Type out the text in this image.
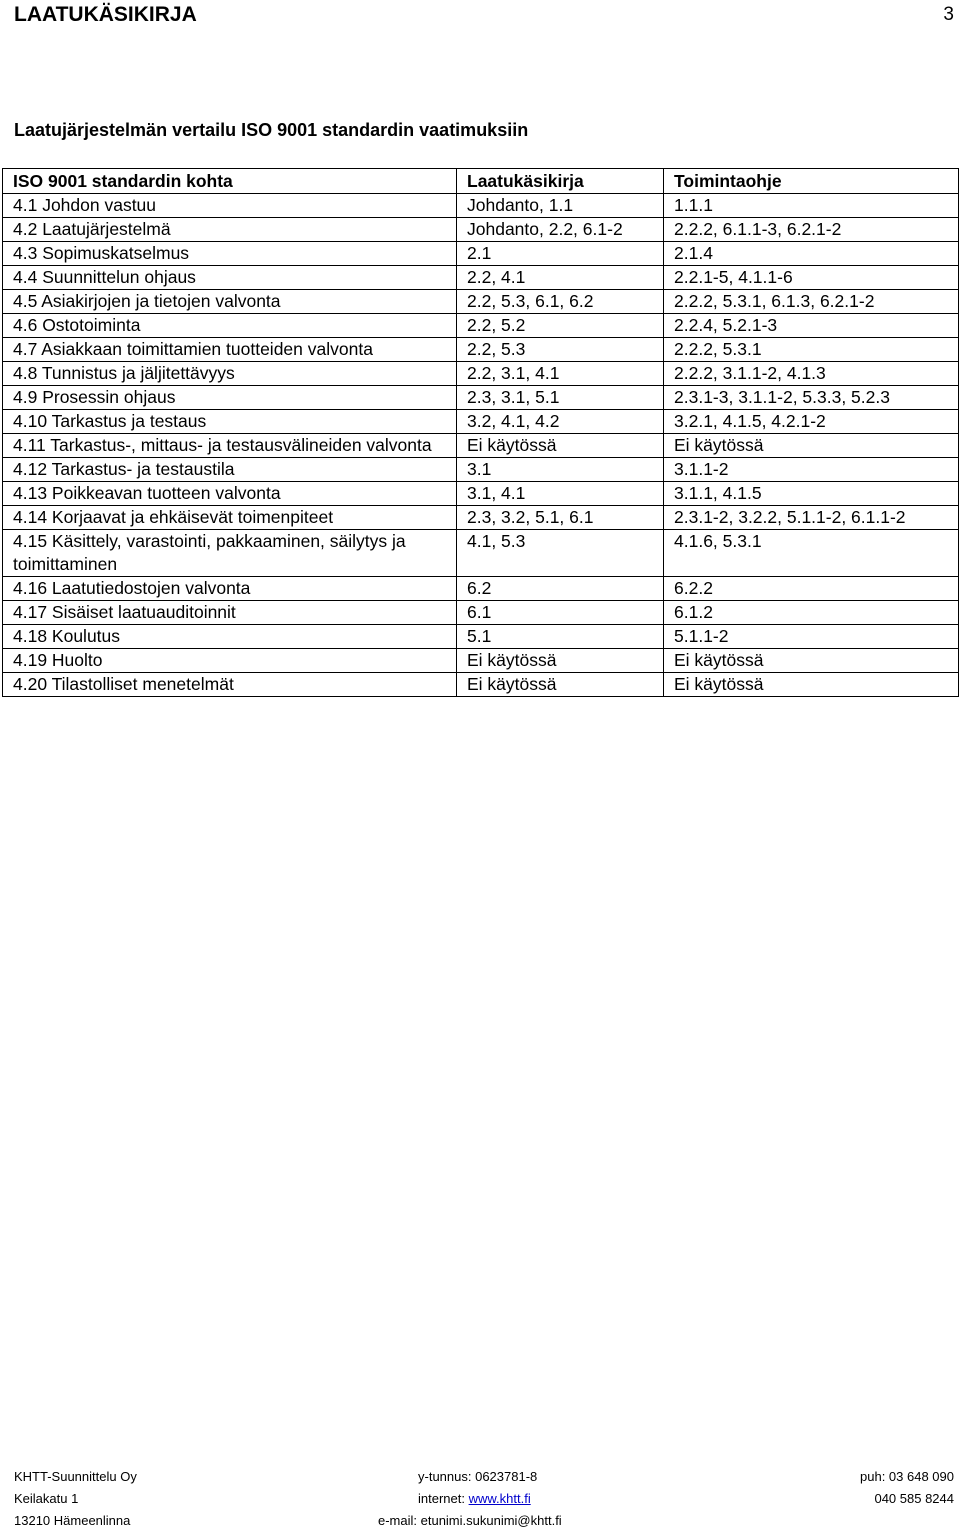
LAATUKÄSIKIRJA	3
Laatujärjestelmän vertailu ISO 9001 standardin vaatimuksiin
ISO 9001 standardin kohta	Laatukäsikirja	Toimintaohje
4.1 Johdon vastuu	Johdanto, 1.1	1.1.1
4.2 Laatujärjestelmä	Johdanto, 2.2, 6.1-2	2.2.2, 6.1.1-3, 6.2.1-2
4.3 Sopimuskatselmus	2.1	2.1.4
4.4 Suunnittelun ohjaus	2.2, 4.1	2.2.1-5, 4.1.1-6
4.5 Asiakirjojen ja tietojen valvonta	2.2, 5.3, 6.1, 6.2	2.2.2, 5.3.1, 6.1.3, 6.2.1-2
4.6 Ostotoiminta	2.2, 5.2	2.2.4, 5.2.1-3
4.7 Asiakkaan toimittamien tuotteiden valvonta	2.2, 5.3	2.2.2, 5.3.1
4.8 Tunnistus ja jäljitettävyys	2.2, 3.1, 4.1	2.2.2, 3.1.1-2, 4.1.3
4.9 Prosessin ohjaus	2.3, 3.1, 5.1	2.3.1-3, 3.1.1-2, 5.3.3, 5.2.3
4.10 Tarkastus ja testaus	3.2, 4.1, 4.2	3.2.1, 4.1.5, 4.2.1-2
4.11 Tarkastus-, mittaus- ja testausvälineiden valvonta	Ei käytössä	Ei käytössä
4.12 Tarkastus- ja testaustila	3.1	3.1.1-2
4.13 Poikkeavan tuotteen valvonta	3.1, 4.1	3.1.1, 4.1.5
4.14 Korjaavat ja ehkäisevät toimenpiteet	2.3, 3.2, 5.1, 6.1	2.3.1-2, 3.2.2, 5.1.1-2, 6.1.1-2
4.15 Käsittely, varastointi, pakkaaminen, säilytys ja toimittaminen	4.1, 5.3	4.1.6, 5.3.1
4.16 Laatutiedostojen valvonta	6.2	6.2.2
4.17 Sisäiset laatuauditoinnit	6.1	6.1.2
4.18 Koulutus	5.1	5.1.1-2
4.19 Huolto	Ei käytössä	Ei käytössä
4.20 Tilastolliset menetelmät	Ei käytössä	Ei käytössä
KHTT-Suunnittelu Oy	y-tunnus: 0623781-8	puh: 03 648 090
Keilakatu 1	internet: www.khtt.fi	040 585 8244
13210 Hämeenlinna	e-mail: etunimi.sukunimi@khtt.fi
